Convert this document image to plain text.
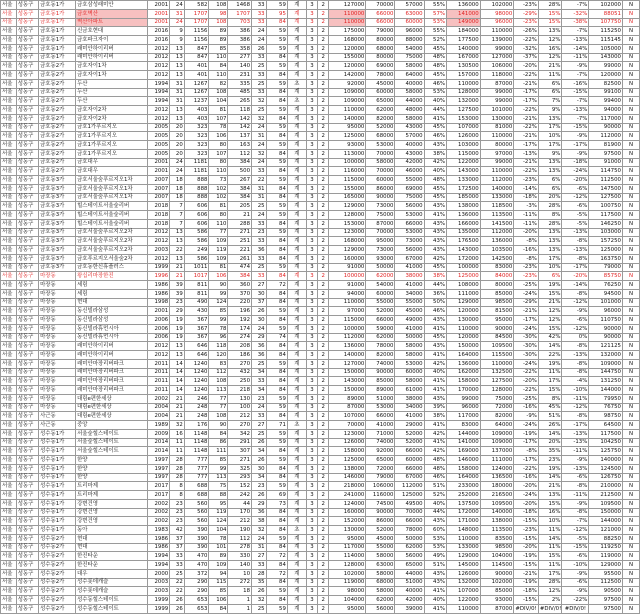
서울	성동구	금호동1가	금호삼성래미안	2001	24	582	108	1468	33	59	계	3	2	127000	70000	57000	55%	136000	102000	-23%	28%	-7%	102000	N
서울	성동구	금호동1가	금호벽산	2001	31	1707	98	1707	33	95	계	3	2	110000	66000	63000	57%	141000	98000	-29%	15%	-32%	88051	N
서울	성동구	금호동1가	벽산아파트	2001	24	1707	108	703	33	84	계	3	2	110000	66000	60000	53%	149000	96000	-23%	15%	-38%	107750	N
서울	성동구	금호동1가	신금호현대	2016	9	1156	89	386	24	59	계	3	2	175000	79000	96000	55%	184000	110000	-26%	13%	-7%	115250	N
서울	성동구	금호동1가	금호파크자이	2016	9	1156	89	386	24	59	계	3	2	168000	80000	88000	52%	177500	139000	-22%	12%	-13%	115145	N
서울	성동구	금호동1가	래미안하이리버	2012	13	847	85	358	26	59	계	3	2	120000	68000	54000	45%	140000	99000	-32%	16%	-14%	105000	N
서울	성동구	금호동1가	래미안하이리버	2012	13	847	110	277	33	84	계	3	2	155000	80000	75000	48%	167000	127000	-37%	12%	-11%	143000	N
서울	성동구	금호동2가	금호자이1차	2012	13	401	84	140	25	59	계	3	2	120000	69000	58000	48%	130500	106000	-20%	21%	-9%	99000	N
서울	성동구	금호동2가	금호자이1차	2012	13	401	110	231	33	84	계	3	2	142000	78000	64000	45%	157000	118000	-22%	11%	-7%	120000	N
서울	성동구	금호동2가	두산	1994	31	1267	82	335	25	59	초	3	2	92000	45000	40000	46%	110000	87000	-21%	6%	-16%	82500	N
서울	성동구	금호동2가	두산	1994	31	1267	108	485	33	84	계	3	2	109000	60000	58000	53%	128000	99000	-17%	6%	-15%	99100	N
서울	성동구	금호동2가	두산	1994	31	1237	104	265	32	84	초	3	2	109000	65000	44000	40%	132000	99000	-17%	7%	-7%	99400	N
서울	성동구	금호동2가	금호자이2차	2012	13	403	81	118	25	59	계	3	2	110000	62000	48000	44%	127500	101000	-22%	9%	-13%	94000	N
서울	성동구	금호동2가	금호자이2차	2012	13	403	107	142	32	84	계	3	2	140000	82000	58000	41%	153000	130000	-21%	13%	-7%	117000	N
서울	성동구	금호동2가	금호1가푸르지오	2005	20	323	78	142	24	59	계	3	2	95000	52000	43000	45%	107000	81000	-22%	17%	-15%	90000	N
서울	성동구	금호동2가	금호1가푸르지오	2005	20	323	106	137	31	84	계	3	2	125000	68000	57000	46%	126000	110000	-21%	10%	-9%	112000	N
서울	성동구	금호동2가	금호1가푸르지오	2005	20	323	80	163	24	59	계	3	2	93000	53000	40000	43%	103000	80000	-17%	17%	-17%	81900	N
서울	성동구	금호동2가	금호1가푸르지오	2005	20	323	107	112	32	84	계	3	2	113000	70000	43000	38%	115000	97000	-13%	9%	-9%	97500	N
서울	성동구	금호동2가	금호대우	2001	24	1181	80	384	24	59	계	3	2	100000	58000	42000	42%	122000	99000	-21%	13%	-18%	91000	N
서울	성동구	금호동2가	금호대우	2001	24	1181	110	500	33	84	계	3	2	116000	70000	46000	40%	143000	110000	-22%	13%	-24%	114750	N
서울	성동구	금호동3가	금호서울숲푸르지오1차	2007	18	888	73	267	22	59	계	3	2	115000	60000	55000	48%	133000	112000	-23%	6%	-20%	112500	N
서울	성동구	금호동3가	금호서울숲푸르지오1차	2007	18	888	102	384	31	84	계	3	2	155000	86000	69000	45%	172500	140000	-14%	6%	-6%	147500	N
서울	성동구	금호동3가	금호서울숲푸르지오1차	2007	18	888	102	384	31	84	계	3	2	165000	90000	75000	45%	185000	133000	-18%	20%	-12%	127500	N
서울	성동구	금호동3가	힐스테이트서울숲리버	2018	7	606	81	205	25	59	계	3	2	129000	73000	56000	43%	138000	118500	-3%	28%	-6%	100750	N
서울	성동구	금호동3가	힐스테이트서울숲리버	2018	7	606	80	21	24	59	계	3	2	128000	75000	53000	41%	136000	113500	-11%	8%	-5%	117500	N
서울	성동구	금호동3가	힐스테이트서울숲리버	2018	7	606	110	288	33	84	계	3	2	153000	87000	66000	43%	166000	141500	-11%	28%	-5%	146250	N
서울	성동구	금호동3가	금호서울숲푸르지오2차	2012	13	586	77	271	23	59	계	3	2	123000	70000	53000	43%	135000	112000	-20%	13%	-13%	103000	N
서울	성동구	금호동3가	금호서울숲푸르지오2차	2012	13	586	109	251	33	84	계	3	2	168000	95000	73000	43%	176500	136000	-8%	13%	-8%	157250	N
서울	성동구	금호동3가	금호서울숲푸르지오2차	2003	22	249	119	221	36	84	계	3	2	129000	73000	56000	43%	143000	103500	-16%	13%	-13%	125000	N
서울	성동구	금호동3가	금호푸르지오서울숲2차	2012	13	586	109	261	33	84	계	3	2	160000	93000	67000	42%	172000	142500	-8%	17%	-8%	163750	N
서울	성동구	금호동3가	금호동한신휴플러스	1999	21	1011	81	474	25	59	계	3	2	91000	50000	41000	45%	100000	83000	-23%	10%	-17%	79000	N
서울	성동구	마장동	왕십리마장한진	1996	21	1017	106	384	33	84	계	3	2	100000	62000	38000	38%	125000	84000	-23%	6%	-20%	85750	N
서울	성동구	마장동	세림	1986	39	811	90	360	27	72	계	3	2	91000	54000	41000	44%	108000	80000	-25%	19%	-14%	76250	N
서울	성동구	마장동	세림	1986	39	811	99	370	30	84	계	3	2	94000	60000	34000	36%	111000	85000	-24%	15%	-8%	94500	N
서울	성동구	마장동	현대	1998	23	490	124	220	37	84	계	3	2	110000	55000	55000	50%	129000	98500	-29%	21%	-12%	101000	N
서울	성동구	마장동	동신빌라삼성	2001	29	430	85	196	26	59	계	3	2	97000	52000	45000	46%	120000	81500	-21%	12%	-9%	96000	N
서울	성동구	마장동	동신빌라삼성	2006	19	367	99	192	30	84	계	3	2	115000	66000	49000	43%	130000	95000	-17%	12%	-6%	110750	N
서울	성동구	마장동	동신빌라휴먼시아	2006	19	367	78	174	24	59	계	3	2	100000	59000	41000	41%	110000	90000	-24%	15%	-12%	90000	N
서울	성동구	마장동	동신빌라휴먼시아	2006	19	367	96	274	29	74	계	3	2	112000	62000	50000	45%	120000	84500	-30%	42%	0%	90000	N
서울	성동구	마장동	래미안하이리버	2012	13	646	118	208	36	84	계	3	2	136000	78000	58000	43%	150000	109500	-30%	14%	-8%	121125	N
서울	성동구	마장동	래미안하이리버	2012	13	646	120	186	36	84	계	3	2	140000	82000	58000	41%	164000	115500	-30%	22%	-13%	132000	N
서울	성동구	마장동	래미안마장리버파크	2011	14	1240	83	270	25	59	계	3	2	127000	74000	53000	42%	136000	110000	-24%	19%	-8%	109000	N
서울	성동구	마장동	래미안마장리버파크	2011	14	1240	112	432	34	84	계	3	2	150000	90000	60000	40%	162000	132500	-22%	11%	-8%	144750	N
서울	성동구	마장동	래미안마장리버파크	2011	14	1240	108	250	33	84	계	3	2	143000	85000	58000	41%	158000	127500	-20%	17%	-4%	131250	N
서울	성동구	마장동	래미안마장리버파크	2011	14	1240	113	218	34	84	계	3	2	150000	89000	61000	41%	170000	128000	-22%	15%	-10%	144000	N
서울	성동구	마장동	대림e편한세상	2002	21	246	77	130	23	59	계	3	2	89000	51000	38000	43%	99000	75000	-25%	8%	-11%	79950	N
서울	성동구	마장동	대림e편한세상	2004	21	248	77	100	24	59	계	3	2	87000	53000	34000	39%	96000	72000	-16%	45%	-12%	76750	N
서울	성동구	사근동	대림e편한세상	2004	21	248	108	212	33	84	계	3	2	107000	66000	41000	38%	117000	82000	-9%	51%	-8%	98750	N
서울	성동구	사근동	중앙	1989	32	176	90	270	27	71	초	3	2	70000	41000	29000	41%	83000	64000	-24%	26%	-17%	64500	N
서울	성동구	성수동1가	서울숲힐스테이트	2009	16	1148	84	342	25	59	계	3	2	123000	71000	52000	42%	144000	109000	-19%	14%	-13%	117500	N
서울	성동구	성수동1가	서울숲힐스테이트	2014	11	1148	86	291	26	59	계	3	2	126000	74000	52000	41%	141000	109000	-17%	20%	-13%	104250	N
서울	성동구	성수동1가	서울숲힐스테이트	2014	11	1148	111	307	34	84	계	3	2	158000	92000	66000	42%	169000	137000	-8%	35%	-11%	125750	N
서울	성동구	성수동1가	한양	1997	28	777	85	271	26	59	계	3	2	125000	65000	60000	48%	146000	111000	-17%	23%	-9%	140000	N
서울	성동구	성수동1가	한양	1997	28	777	99	325	30	84	계	3	2	138000	72000	66000	48%	158000	124000	-22%	19%	-13%	124500	N
서울	성동구	성수동1가	한양	1997	28	777	113	293	34	84	계	3	2	146000	79000	67000	46%	164000	136500	-16%	14%	-6%	126750	N
서울	성동구	성수동1가	트리마제	2017	8	688	75	152	23	59	계	3	2	218000	106000	112000	51%	233000	180000	-20%	21%	-8%	210000	N
서울	성동구	성수동1가	트리마제	2017	8	688	88	242	26	69	계	3	2	241000	116000	125000	52%	252000	216500	-24%	13%	-11%	212500	N
서울	성동구	성수동1가	강변건영	2002	23	560	95	44	29	73	계	3	2	124000	74500	49500	40%	137500	109500	-20%	15%	-9%	109500	N
서울	성동구	성수동1가	강변건영	2002	23	560	119	170	36	84	계	3	2	160000	90000	70000	44%	172000	140000	-18%	16%	-8%	150000	N
서울	성동구	성수동1가	강변건영	2002	23	560	124	212	38	84	계	3	2	152000	86000	66000	43%	171000	138000	-15%	10%	-7%	144000	N
서울	성동구	성수동1가	동아	1983	42	390	104	190	32	84	초	3	2	130000	52000	78000	60%	148000	113500	-23%	11%	-12%	121000	N
서울	성동구	성수동2가	현대	1986	37	390	78	112	24	59	계	3	2	95000	45000	50000	53%	110000	83500	-15%	14%	-5%	88250	N
서울	성동구	성수동2가	현대	1986	37	390	101	278	31	84	계	3	2	117000	55000	62000	53%	133000	98500	-20%	11%	-15%	119250	N
서울	성동구	성수동2가	한진타운	1994	33	470	89	330	27	72	계	3	2	114000	58000	56000	49%	129000	104000	-19%	15%	-6%	119000	N
서울	성동구	성수동2가	한진타운	1994	33	470	109	140	33	84	계	3	2	128000	63000	65000	51%	145000	114500	-15%	11%	-10%	129000	N
서울	성동구	성수동2가	대우	2000	25	372	94	10	28	72	계	3	2	102000	58000	44000	43%	126000	90000	-21%	17%	-9%	95500	N
서울	성동구	성수동2가	성수롯데캐슬	2003	22	290	115	272	35	84	계	3	2	119000	68000	51000	43%	132000	102000	-19%	28%	-6%	112500	N
서울	성동구	성수동2가	성수롯데캐슬	2003	22	290	85	18	26	59	계	3	2	98000	58000	40000	41%	107000	85000	-18%	12%	-9%	90500	N
서울	성동구	성수동2가	성수동힐스테이트	1999	26	653	106	1	32	84	계	3	2	104000	62000	42000	40%	122000	93000	-15%	2%	-22%	97500	N
서울	성동구	성수동2가	성수동힐스테이트	1999	26	653	84	1	25	59	계	3	2	95000	56000	39000	41%	110000	87000	#DIV/0!	#DIV/0!	#DIV/0!	97500	N
